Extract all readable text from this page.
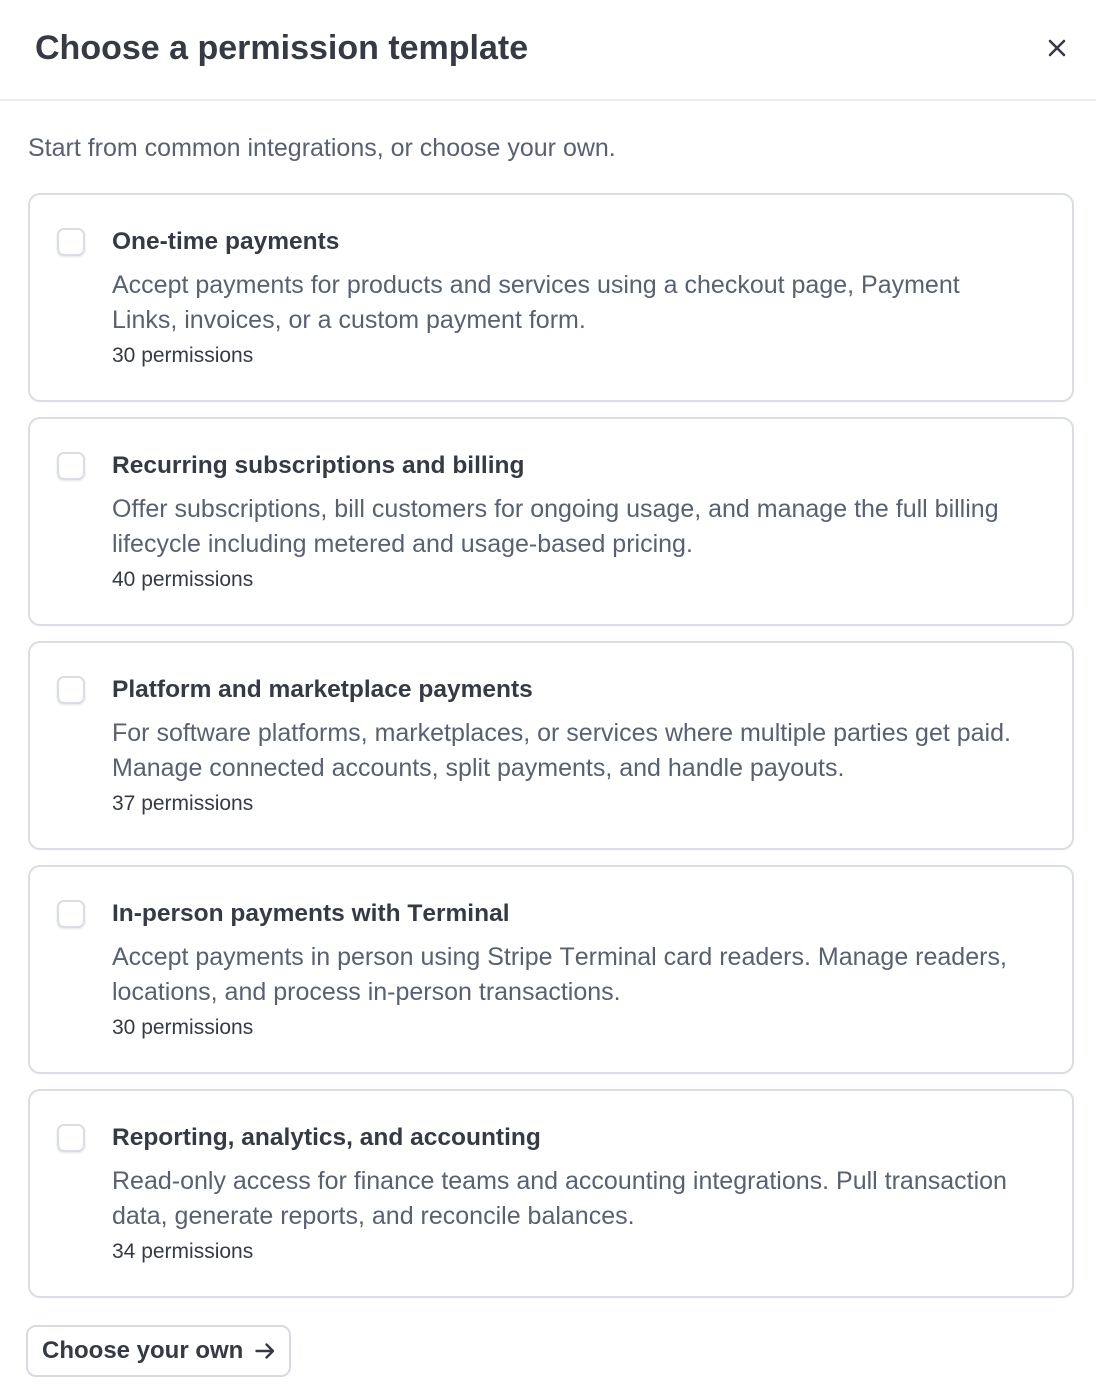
Choose a permission template

Start from common integrations, or choose your own.

One-time payments

Accept payments for products and services using a checkout page, Payment Links, invoices, or a custom payment form.

30 permissions

Recurring subscriptions and billing

Offer subscriptions, bill customers for ongoing usage, and manage the full billing lifecycle including metered and usage-based pricing.

40 permissions

Platform and marketplace payments

For software platforms, marketplaces, or services where multiple parties get paid. Manage connected accounts, split payments, and handle payouts.

37 permissions

In-person payments with Terminal

Accept payments in person using Stripe Terminal card readers. Manage readers, locations, and process in-person transactions.

30 permissions

Reporting, analytics, and accounting

Read-only access for finance teams and accounting integrations. Pull transaction data, generate reports, and reconcile balances.

34 permissions

Choose your own
